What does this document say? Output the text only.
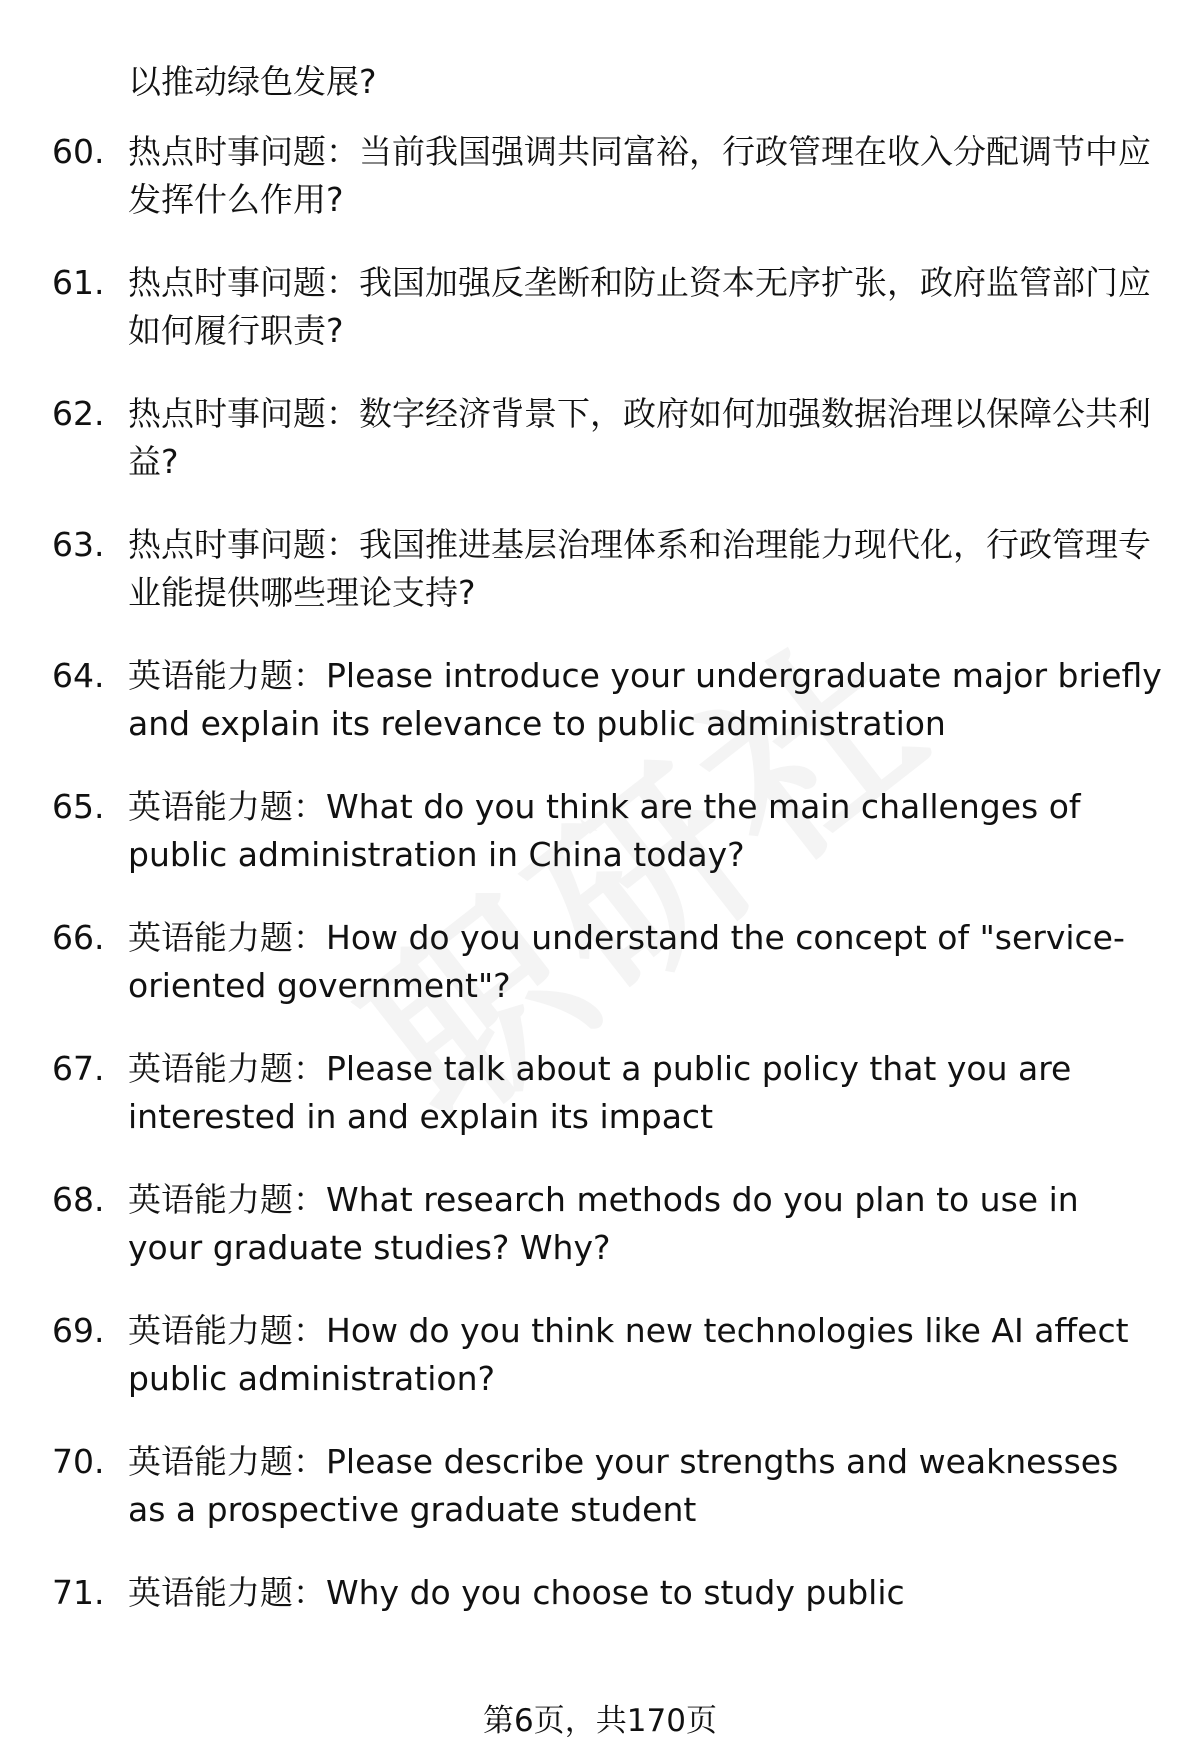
以推动绿色发展?
60. 热点时事问题：当前我国强调共同富裕，行政管理在收入分配调节中应发挥什么作用?
61. 热点时事问题：我国加强反垄断和防止资本无序扩张，政府监管部门应如何履行职责?
62. 热点时事问题：数字经济背景下，政府如何加强数据治理以保障公共利益?
63. 热点时事问题：我国推进基层治理体系和治理能力现代化，行政管理专业能提供哪些理论支持?
64. 英语能力题：Please introduce your undergraduate major briefly and explain its relevance to public administration
65. 英语能力题：What do you think are the main challenges of public administration in China today?
66. 英语能力题：How do you understand the concept of "service-oriented government"?
67. 英语能力题：Please talk about a public policy that you are interested in and explain its impact
68. 英语能力题：What research methods do you plan to use in your graduate studies? Why?
69. 英语能力题：How do you think new technologies like AI affect public administration?
70. 英语能力题：Please describe your strengths and weaknesses as a prospective graduate student
71. 英语能力题：Why do you choose to study public
第6页，共170页
